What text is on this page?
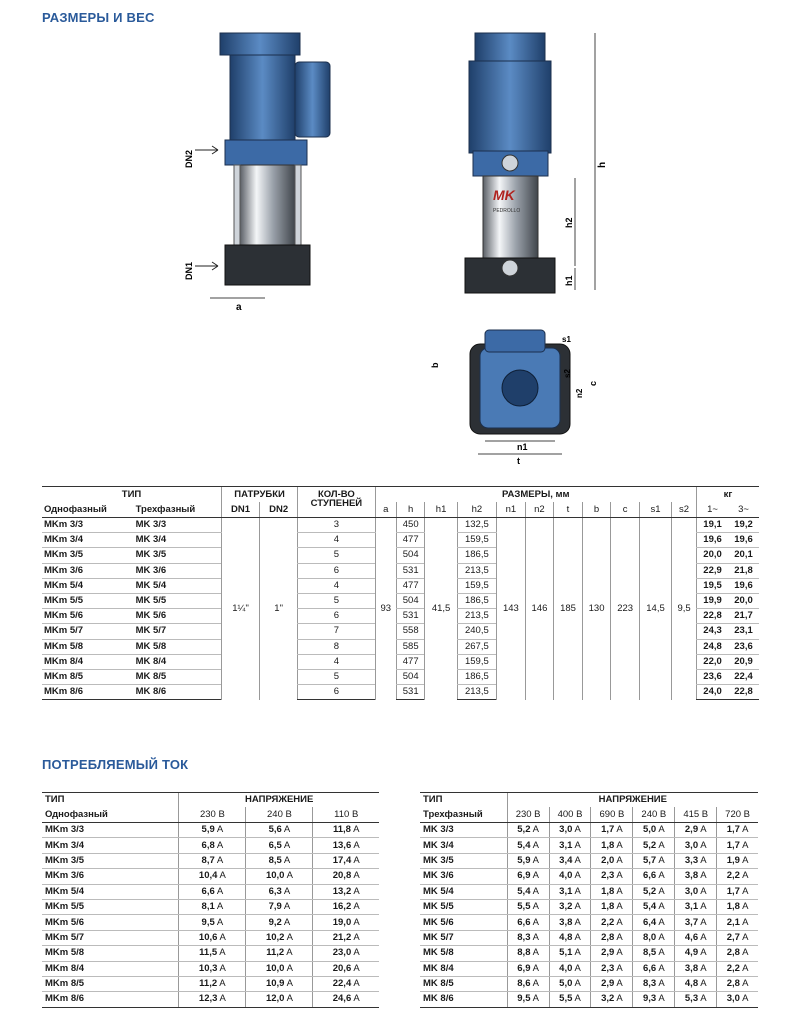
РАЗМЕРЫ И ВЕС
a
DN2
DN1
MK
PEDROLLO
h
h2
h1
n1
t
b
s1
s2
n2
c
ТИП		ПАТРУБКИ		КОЛ-ВО	РАЗМЕРЫ, мм											кг	
Однофазный	Трехфазный	DN1	DN2	СТУПЕНЕЙ	a	h	h1	h2	n1	n2	t	b	c	s1	s2	1~	3~
MKm 3/3	MK 3/3	1¼"	1"	3	93	450	41,5	132,5	143	146	185	130	223	14,5	9,5	19,1	19,2
MKm 3/4	MK 3/4			4		477		159,5								19,6	19,6
MKm 3/5	MK 3/5			5		504		186,5								20,0	20,1
MKm 3/6	MK 3/6			6		531		213,5								22,9	21,8
MKm 5/4	MK 5/4			4		477		159,5								19,5	19,6
MKm 5/5	MK 5/5			5		504		186,5								19,9	20,0
MKm 5/6	MK 5/6			6		531		213,5								22,8	21,7
MKm 5/7	MK 5/7			7		558		240,5								24,3	23,1
MKm 5/8	MK 5/8			8		585		267,5								24,8	23,6
MKm 8/4	MK 8/4			4		477		159,5								22,0	20,9
MKm 8/5	MK 8/5			5		504		186,5								23,6	22,4
MKm 8/6	MK 8/6			6		531		213,5								24,0	22,8
ПОТРЕБЛЯЕМЫЙ ТОК
ТИП	НАПРЯЖЕНИЕ		
Однофазный	230 В	240 В	110 В
MKm 3/3	5,9 A	5,6 A	11,8 A
MKm 3/4	6,8 A	6,5 A	13,6 A
MKm 3/5	8,7 A	8,5 A	17,4 A
MKm 3/6	10,4 A	10,0 A	20,8 A
MKm 5/4	6,6 A	6,3 A	13,2 A
MKm 5/5	8,1 A	7,9 A	16,2 A
MKm 5/6	9,5 A	9,2 A	19,0 A
MKm 5/7	10,6 A	10,2 A	21,2 A
MKm 5/8	11,5 A	11,2 A	23,0 A
MKm 8/4	10,3 A	10,0 A	20,6 A
MKm 8/5	11,2 A	10,9 A	22,4 A
MKm 8/6	12,3 A	12,0 A	24,6 A
ТИП	НАПРЯЖЕНИЕ					
Трехфазный	230 В	400 В	690 В	240 В	415 В	720 В
MK 3/3	5,2 A	3,0 A	1,7 A	5,0 A	2,9 A	1,7 A
MK 3/4	5,4 A	3,1 A	1,8 A	5,2 A	3,0 A	1,7 A
MK 3/5	5,9 A	3,4 A	2,0 A	5,7 A	3,3 A	1,9 A
MK 3/6	6,9 A	4,0 A	2,3 A	6,6 A	3,8 A	2,2 A
MK 5/4	5,4 A	3,1 A	1,8 A	5,2 A	3,0 A	1,7 A
MK 5/5	5,5 A	3,2 A	1,8 A	5,4 A	3,1 A	1,8 A
MK 5/6	6,6 A	3,8 A	2,2 A	6,4 A	3,7 A	2,1 A
MK 5/7	8,3 A	4,8 A	2,8 A	8,0 A	4,6 A	2,7 A
MK 5/8	8,8 A	5,1 A	2,9 A	8,5 A	4,9 A	2,8 A
MK 8/4	6,9 A	4,0 A	2,3 A	6,6 A	3,8 A	2,2 A
MK 8/5	8,6 A	5,0 A	2,9 A	8,3 A	4,8 A	2,8 A
MK 8/6	9,5 A	5,5 A	3,2 A	9,3 A	5,3 A	3,0 A
